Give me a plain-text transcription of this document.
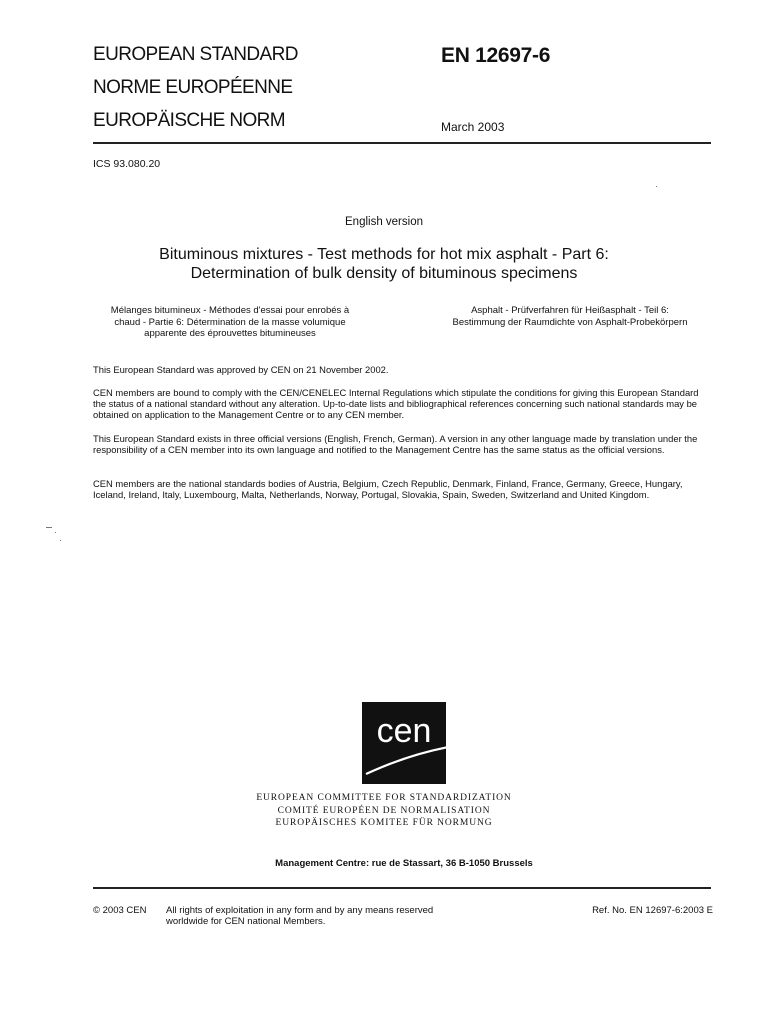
EUROPEAN STANDARD
NORME EUROPÉENNE
EUROPÄISCHE NORM
EN 12697-6
March 2003
ICS 93.080.20
English version
Bituminous mixtures - Test methods for hot mix asphalt - Part 6:
Determination of bulk density of bituminous specimens
Mélanges bitumineux - Méthodes d'essai pour enrobés à
chaud - Partie 6: Détermination de la masse volumique
apparente des éprouvettes bitumineuses
Asphalt - Prüfverfahren für Heißasphalt - Teil 6:
Bestimmung der Raumdichte von Asphalt-Probekörpern

This European Standard was approved by CEN on 21 November 2002.

CEN members are bound to comply with the CEN/CENELEC Internal Regulations which stipulate the conditions for giving this European Standard the status of a national standard without any alteration. Up-to-date lists and bibliographical references concerning such national standards may be obtained on application to the Management Centre or to any CEN member.

This European Standard exists in three official versions (English, French, German). A version in any other language made by translation under the responsibility of a CEN member into its own language and notified to the Management Centre has the same status as the official versions.

CEN members are the national standards bodies of Austria, Belgium, Czech Republic, Denmark, Finland, France, Germany, Greece, Hungary, Iceland, Ireland, Italy, Luxembourg, Malta, Netherlands, Norway, Portugal, Slovakia, Spain, Sweden, Switzerland and United Kingdom.

cen
EUROPEAN COMMITTEE FOR STANDARDIZATION
COMITÉ EUROPÉEN DE NORMALISATION
EUROPÄISCHES KOMITEE FÜR NORMUNG
Management Centre: rue de Stassart, 36 B-1050 Brussels
© 2003 CEN All rights of exploitation in any form and by any means reserved
worldwide for CEN national Members.
Ref. No. EN 12697-6:2003 E
